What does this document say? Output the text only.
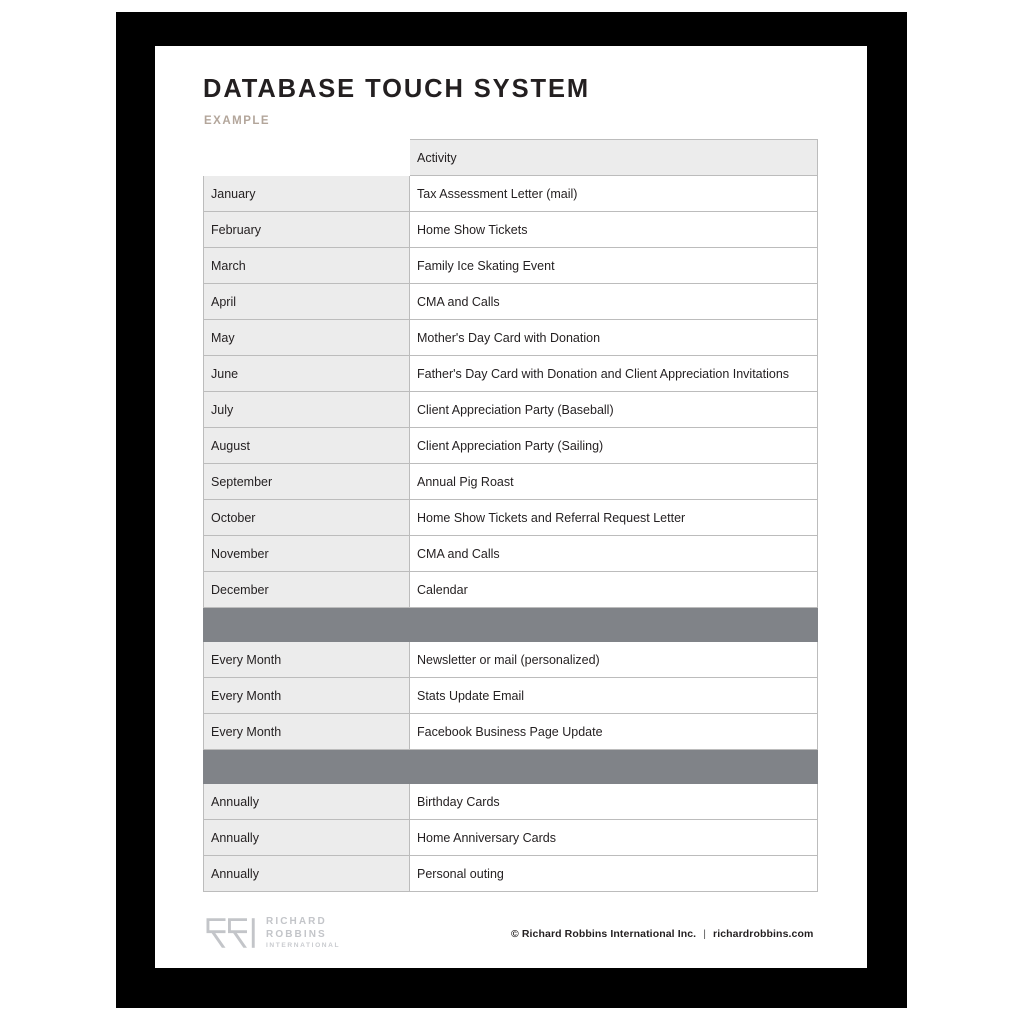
DATABASE TOUCH SYSTEM
EXAMPLE
	Activity
January	Tax Assessment Letter (mail)
February	Home Show Tickets
March	Family Ice Skating Event
April	CMA and Calls
May	Mother's Day Card with Donation
June	Father's Day Card with Donation and Client Appreciation Invitations
July	Client Appreciation Party (Baseball)
August	Client Appreciation Party (Sailing)
September	Annual Pig Roast
October	Home Show Tickets and Referral Request Letter
November	CMA and Calls
December	Calendar

Every Month	Newsletter or mail (personalized)
Every Month	Stats Update Email
Every Month	Facebook Business Page Update

Annually	Birthday Cards
Annually	Home Anniversary Cards
Annually	Personal outing
RICHARD
ROBBINS
INTERNATIONAL
© Richard Robbins International Inc. | richardrobbins.com
